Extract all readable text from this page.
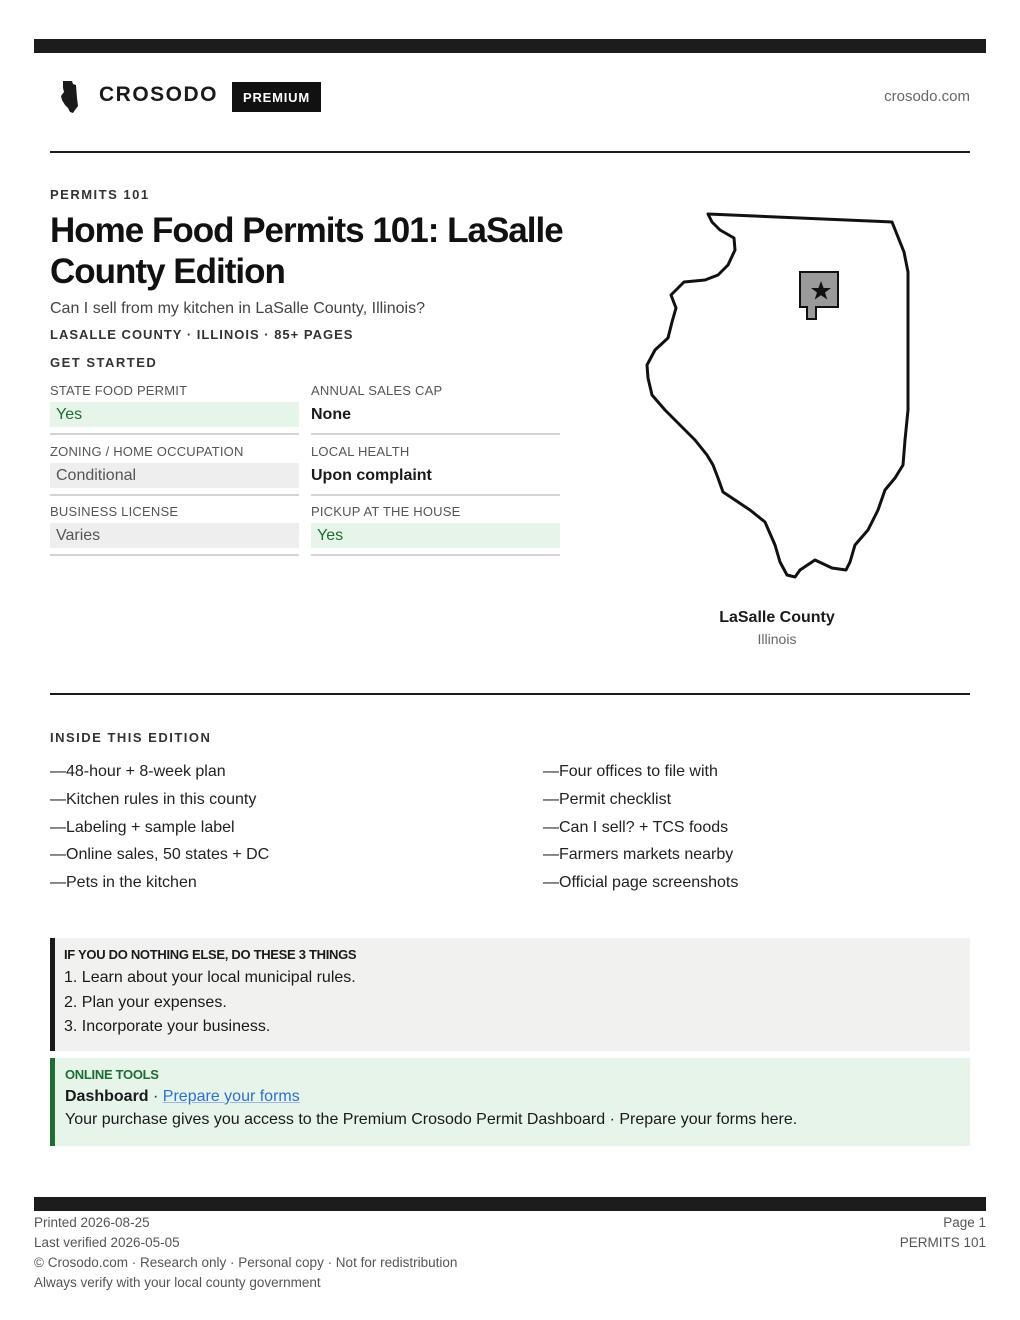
CROSODO	PREMIUM	crosodo.com
PERMITS 101
Home Food Permits 101: LaSalle County Edition
Can I sell from my kitchen in LaSalle County, Illinois?
LASALLE COUNTY · ILLINOIS · 85+ PAGES
GET STARTED
STATE FOOD PERMIT
Yes
ANNUAL SALES CAP
None
ZONING / HOME OCCUPATION
Conditional
LOCAL HEALTH
Upon complaint
BUSINESS LICENSE
Varies
PICKUP AT THE HOUSE
Yes
LaSalle County
Illinois
INSIDE THIS EDITION
—48-hour + 8-week plan
—Kitchen rules in this county
—Labeling + sample label
—Online sales, 50 states + DC
—Pets in the kitchen
—Four offices to file with
—Permit checklist
—Can I sell? + TCS foods
—Farmers markets nearby
—Official page screenshots
IF YOU DO NOTHING ELSE, DO THESE 3 THINGS
1. Learn about your local municipal rules.
2. Plan your expenses.
3. Incorporate your business.
ONLINE TOOLS
Dashboard · Prepare your forms
Your purchase gives you access to the Premium Crosodo Permit Dashboard · Prepare your forms here.
Printed 2026-08-25
Last verified 2026-05-05
© Crosodo.com · Research only · Personal copy · Not for redistribution
Always verify with your local county government
Page 1
PERMITS 101
